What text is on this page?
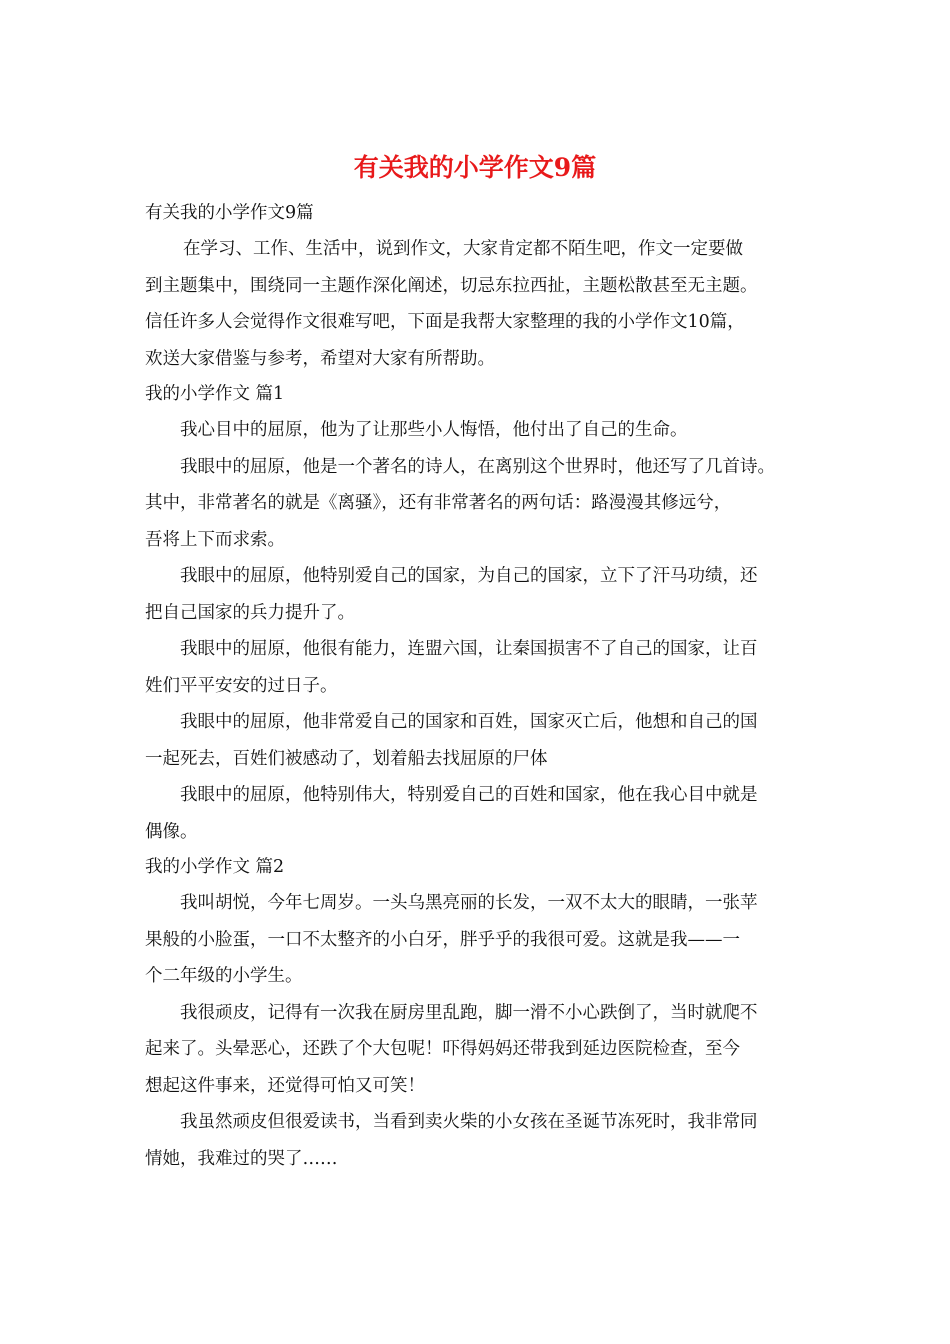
有关我的小学作文9篇

有关我的小学作文9篇

在学习、工作、生活中，说到作文，大家肯定都不陌生吧，作文一定要做

到主题集中，围绕同一主题作深化阐述，切忌东拉西扯，主题松散甚至无主题。

信任许多人会觉得作文很难写吧，下面是我帮大家整理的我的小学作文10篇，

欢送大家借鉴与参考，希望对大家有所帮助。

我的小学作文 篇1

我心目中的屈原，他为了让那些小人悔悟，他付出了自己的生命。

我眼中的屈原，他是一个著名的诗人，在离别这个世界时，他还写了几首诗。

其中，非常著名的就是《离骚》，还有非常著名的两句话：路漫漫其修远兮，

吾将上下而求索。

我眼中的屈原，他特别爱自己的国家，为自己的国家，立下了汗马功绩，还

把自己国家的兵力提升了。

我眼中的屈原，他很有能力，连盟六国，让秦国损害不了自己的国家，让百

姓们平平安安的过日子。

我眼中的屈原，他非常爱自己的国家和百姓，国家灭亡后，他想和自己的国

一起死去，百姓们被感动了，划着船去找屈原的尸体

我眼中的屈原，他特别伟大，特别爱自己的百姓和国家，他在我心目中就是

偶像。

我的小学作文 篇2

我叫胡悦，今年七周岁。一头乌黑亮丽的长发，一双不太大的眼睛，一张苹

果般的小脸蛋，一口不太整齐的小白牙，胖乎乎的我很可爱。这就是我——一

个二年级的小学生。

我很顽皮，记得有一次我在厨房里乱跑，脚一滑不小心跌倒了，当时就爬不

起来了。头晕恶心，还跌了个大包呢！吓得妈妈还带我到延边医院检查，至今

想起这件事来，还觉得可怕又可笑！

我虽然顽皮但很爱读书，当看到卖火柴的小女孩在圣诞节冻死时，我非常同

情她，我难过的哭了……
